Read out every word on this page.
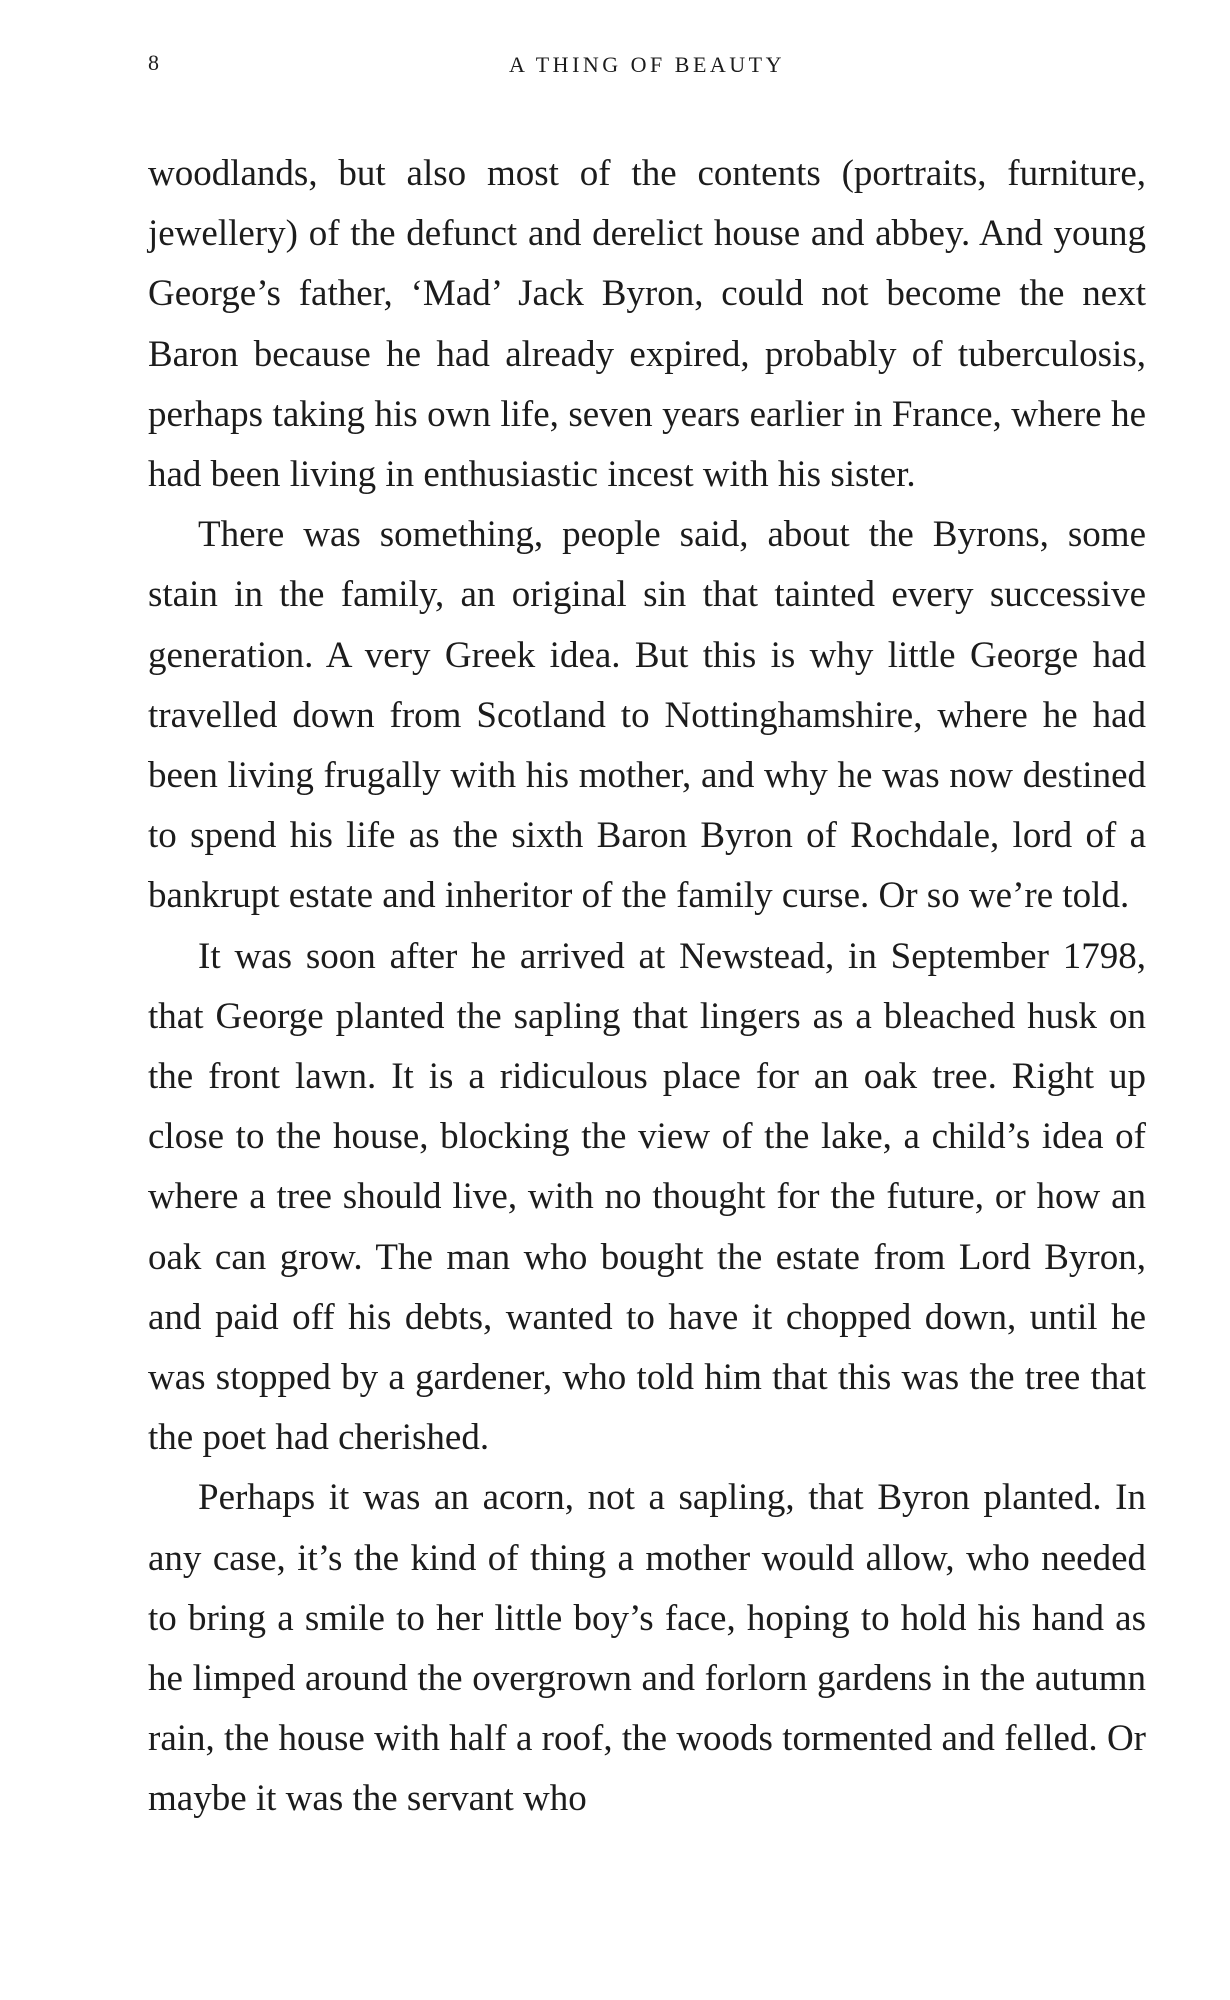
8	A THING OF BEAUTY

woodlands, but also most of the contents (portraits, furniture, jewellery) of the defunct and derelict house and abbey. And young George’s father, ‘Mad’ Jack Byron, could not become the next Baron because he had already expired, probably of tuberculosis, perhaps taking his own life, seven years earlier in France, where he had been living in enthusiastic incest with his sister.

There was something, people said, about the Byrons, some stain in the family, an original sin that tainted every successive generation. A very Greek idea. But this is why little George had travelled down from Scotland to Nottinghamshire, where he had been living frugally with his mother, and why he was now destined to spend his life as the sixth Baron Byron of Rochdale, lord of a bankrupt estate and inheritor of the family curse. Or so we’re told.

It was soon after he arrived at Newstead, in September 1798, that George planted the sapling that lingers as a bleached husk on the front lawn. It is a ridiculous place for an oak tree. Right up close to the house, blocking the view of the lake, a child’s idea of where a tree should live, with no thought for the future, or how an oak can grow. The man who bought the estate from Lord Byron, and paid off his debts, wanted to have it chopped down, until he was stopped by a gardener, who told him that this was the tree that the poet had cherished.

Perhaps it was an acorn, not a sapling, that Byron planted. In any case, it’s the kind of thing a mother would allow, who needed to bring a smile to her little boy’s face, hoping to hold his hand as he limped around the overgrown and forlorn gardens in the autumn rain, the house with half a roof, the woods tormented and felled. Or maybe it was the servant who
